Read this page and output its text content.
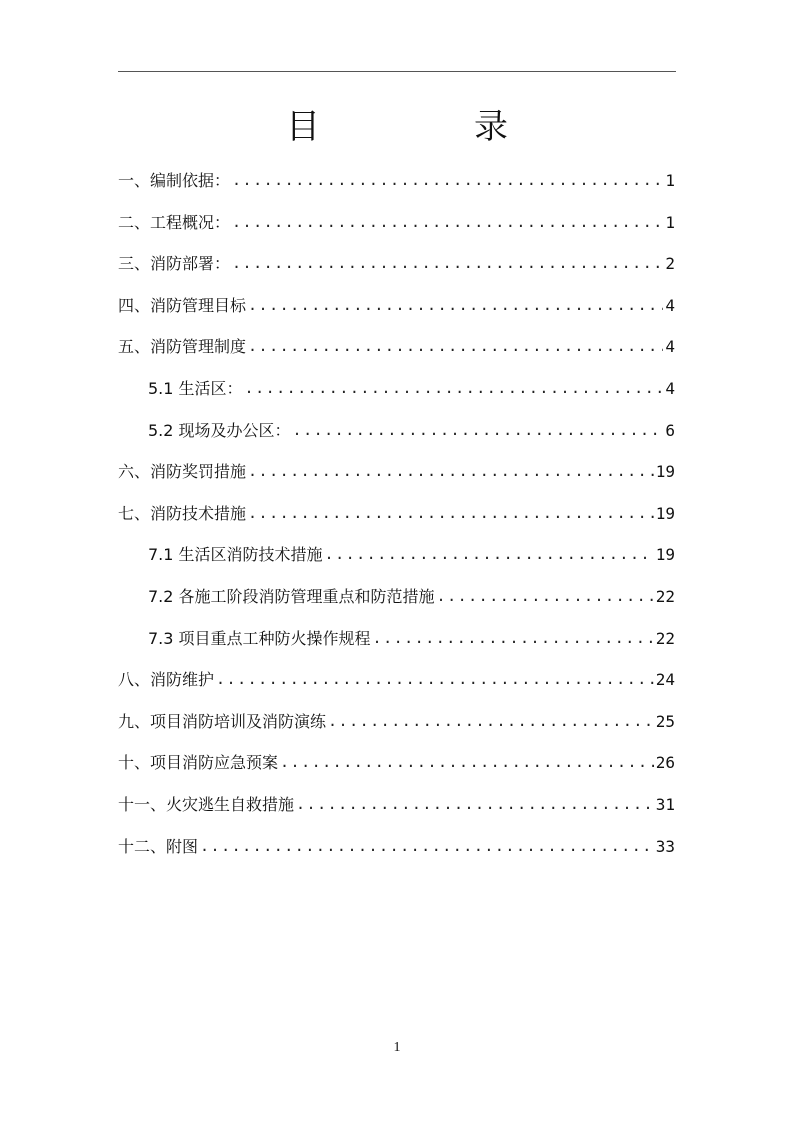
目　录
一、编制依据： .....	1
二、工程概况： .....	1
三、消防部署： .....	2
四、消防管理目标 .....	4
五、消防管理制度 .....	4
5.1 生活区： .....	4
5.2 现场及办公区： .....	6
六、消防奖罚措施 .....	19
七、消防技术措施 .....	19
7.1 生活区消防技术措施 .....	19
7.2 各施工阶段消防管理重点和防范措施 .....	22
7.3 项目重点工种防火操作规程 .....	22
八、消防维护 .....	24
九、项目消防培训及消防演练 .....	25
十、项目消防应急预案 .....	26
十一、火灾逃生自救措施 .....	31
十二、附图 .....	33
1
